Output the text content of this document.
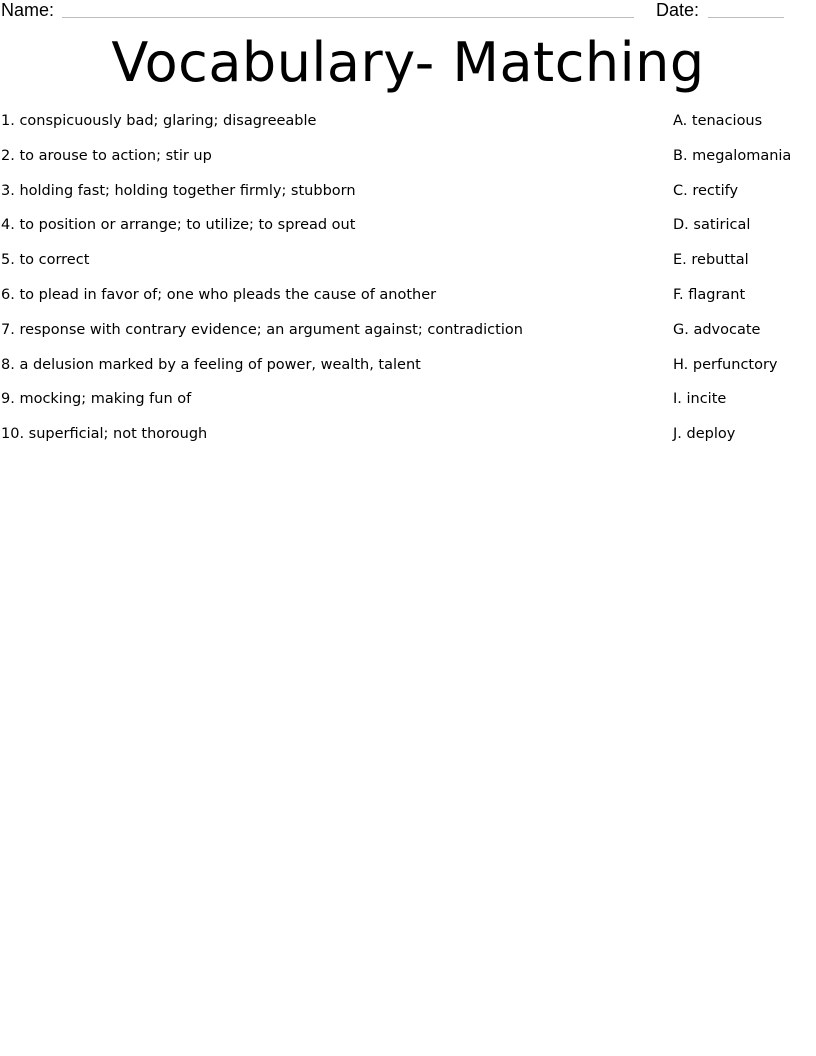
Name:	Date:
Vocabulary- Matching
1. conspicuously bad; glaring; disagreeable
2. to arouse to action; stir up
3. holding fast; holding together firmly; stubborn
4. to position or arrange; to utilize; to spread out
5. to correct
6. to plead in favor of; one who pleads the cause of another
7. response with contrary evidence; an argument against; contradiction
8. a delusion marked by a feeling of power, wealth, talent
9. mocking; making fun of
10. superficial; not thorough
A. tenacious
B. megalomania
C. rectify
D. satirical
E. rebuttal
F. flagrant
G. advocate
H. perfunctory
I. incite
J. deploy
